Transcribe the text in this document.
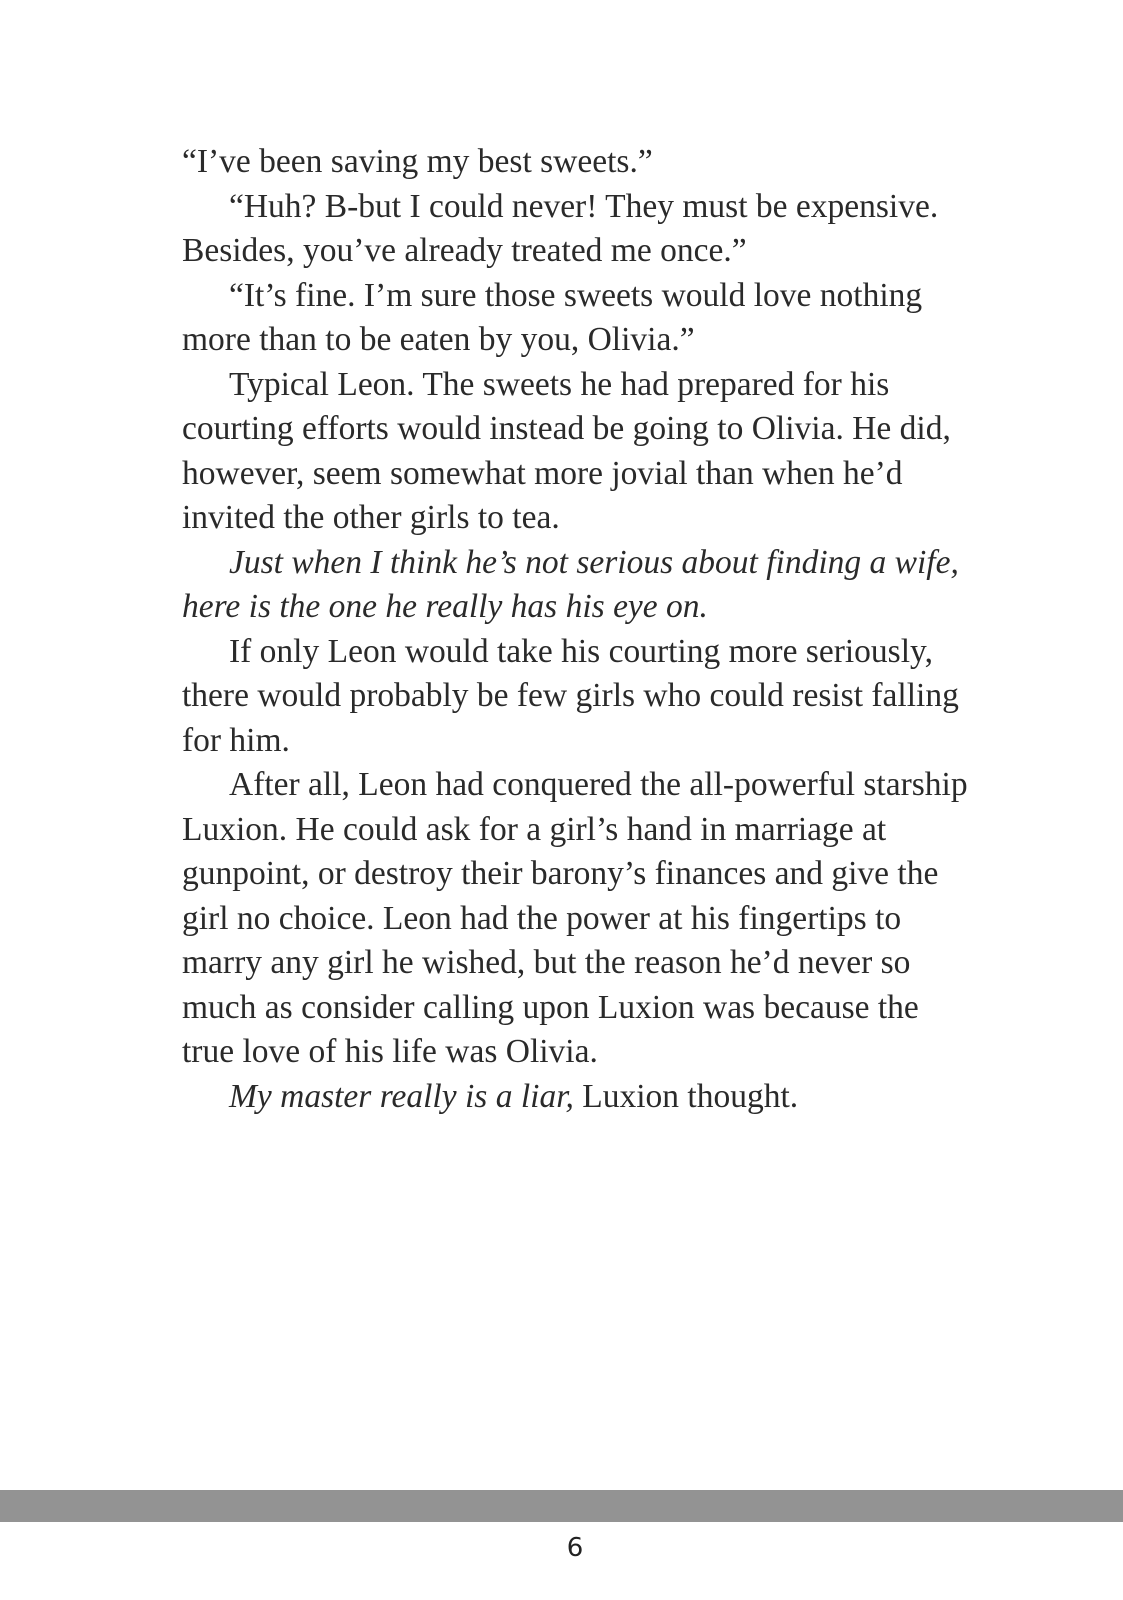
“I’ve been saving my best sweets.”

“Huh? B-but I could never! They must be expensive. Besides, you’ve already treated me once.”

“It’s fine. I’m sure those sweets would love nothing more than to be eaten by you, Olivia.”

Typical Leon. The sweets he had prepared for his courting efforts would instead be going to Olivia. He did, however, seem somewhat more jovial than when he’d invited the other girls to tea.

Just when I think he’s not serious about finding a wife, here is the one he really has his eye on.

If only Leon would take his courting more seriously, there would probably be few girls who could resist falling for him.

After all, Leon had conquered the all-powerful starship Luxion. He could ask for a girl’s hand in marriage at gunpoint, or destroy their barony’s finances and give the girl no choice. Leon had the power at his fingertips to marry any girl he wished, but the reason he’d never so much as consider calling upon Luxion was because the true love of his life was Olivia.

My master really is a liar, Luxion thought.

6
